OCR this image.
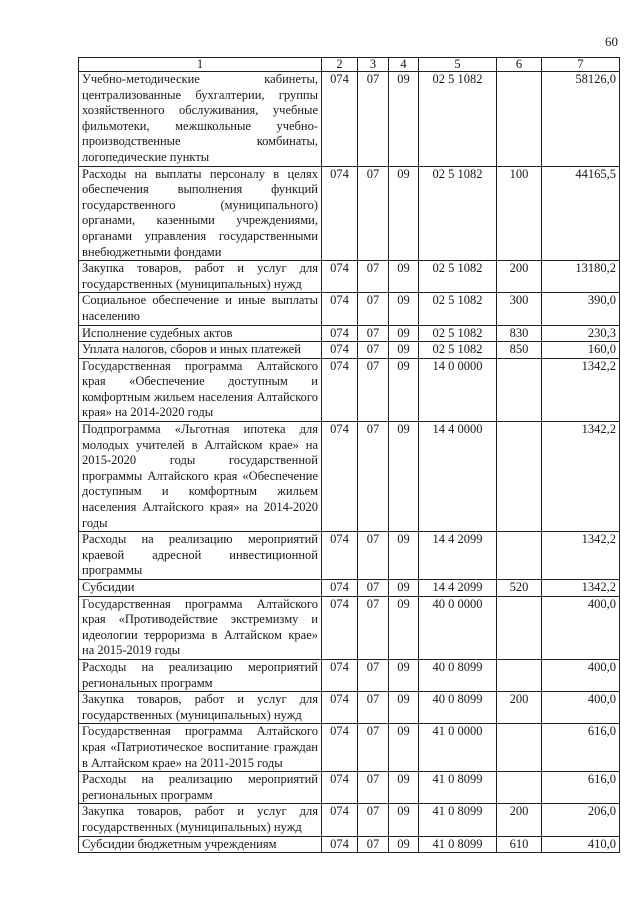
60
1	2	3	4	5	6	7
Учебно-методические кабинеты, централизованные бухгалтерии, группы хозяйственного обслуживания, учебные фильмотеки, межшкольные учебно-производственные комбинаты, логопедические пункты	074	07	09	02 5 1082		58126,0
Расходы на выплаты персоналу в целях обеспечения выполнения функций государственного (муниципального) органами, казенными учреждениями, органами управления государственными внебюджетными фондами	074	07	09	02 5 1082	100	44165,5
Закупка товаров, работ и услуг для государственных (муниципальных) нужд	074	07	09	02 5 1082	200	13180,2
Социальное обеспечение и иные выплаты населению	074	07	09	02 5 1082	300	390,0
Исполнение судебных актов	074	07	09	02 5 1082	830	230,3
Уплата налогов, сборов и иных платежей	074	07	09	02 5 1082	850	160,0
Государственная программа Алтайского края «Обеспечение доступным и комфортным жильем населения Алтайского края» на 2014-2020 годы	074	07	09	14 0 0000		1342,2
Подпрограмма «Льготная ипотека для молодых учителей в Алтайском крае» на 2015-2020 годы государственной программы Алтайского края «Обеспечение доступным и комфортным жильем населения Алтайского края» на 2014-2020 годы	074	07	09	14 4 0000		1342,2
Расходы на реализацию мероприятий краевой адресной инвестиционной программы	074	07	09	14 4 2099		1342,2
Субсидии	074	07	09	14 4 2099	520	1342,2
Государственная программа Алтайского края «Противодействие экстремизму и идеологии терроризма в Алтайском крае» на 2015-2019 годы	074	07	09	40 0 0000		400,0
Расходы на реализацию мероприятий региональных программ	074	07	09	40 0 8099		400,0
Закупка товаров, работ и услуг для государственных (муниципальных) нужд	074	07	09	40 0 8099	200	400,0
Государственная программа Алтайского края «Патриотическое воспитание граждан в Алтайском крае» на 2011-2015 годы	074	07	09	41 0 0000		616,0
Расходы на реализацию мероприятий региональных программ	074	07	09	41 0 8099		616,0
Закупка товаров, работ и услуг для государственных (муниципальных) нужд	074	07	09	41 0 8099	200	206,0
Субсидии бюджетным учреждениям	074	07	09	41 0 8099	610	410,0
